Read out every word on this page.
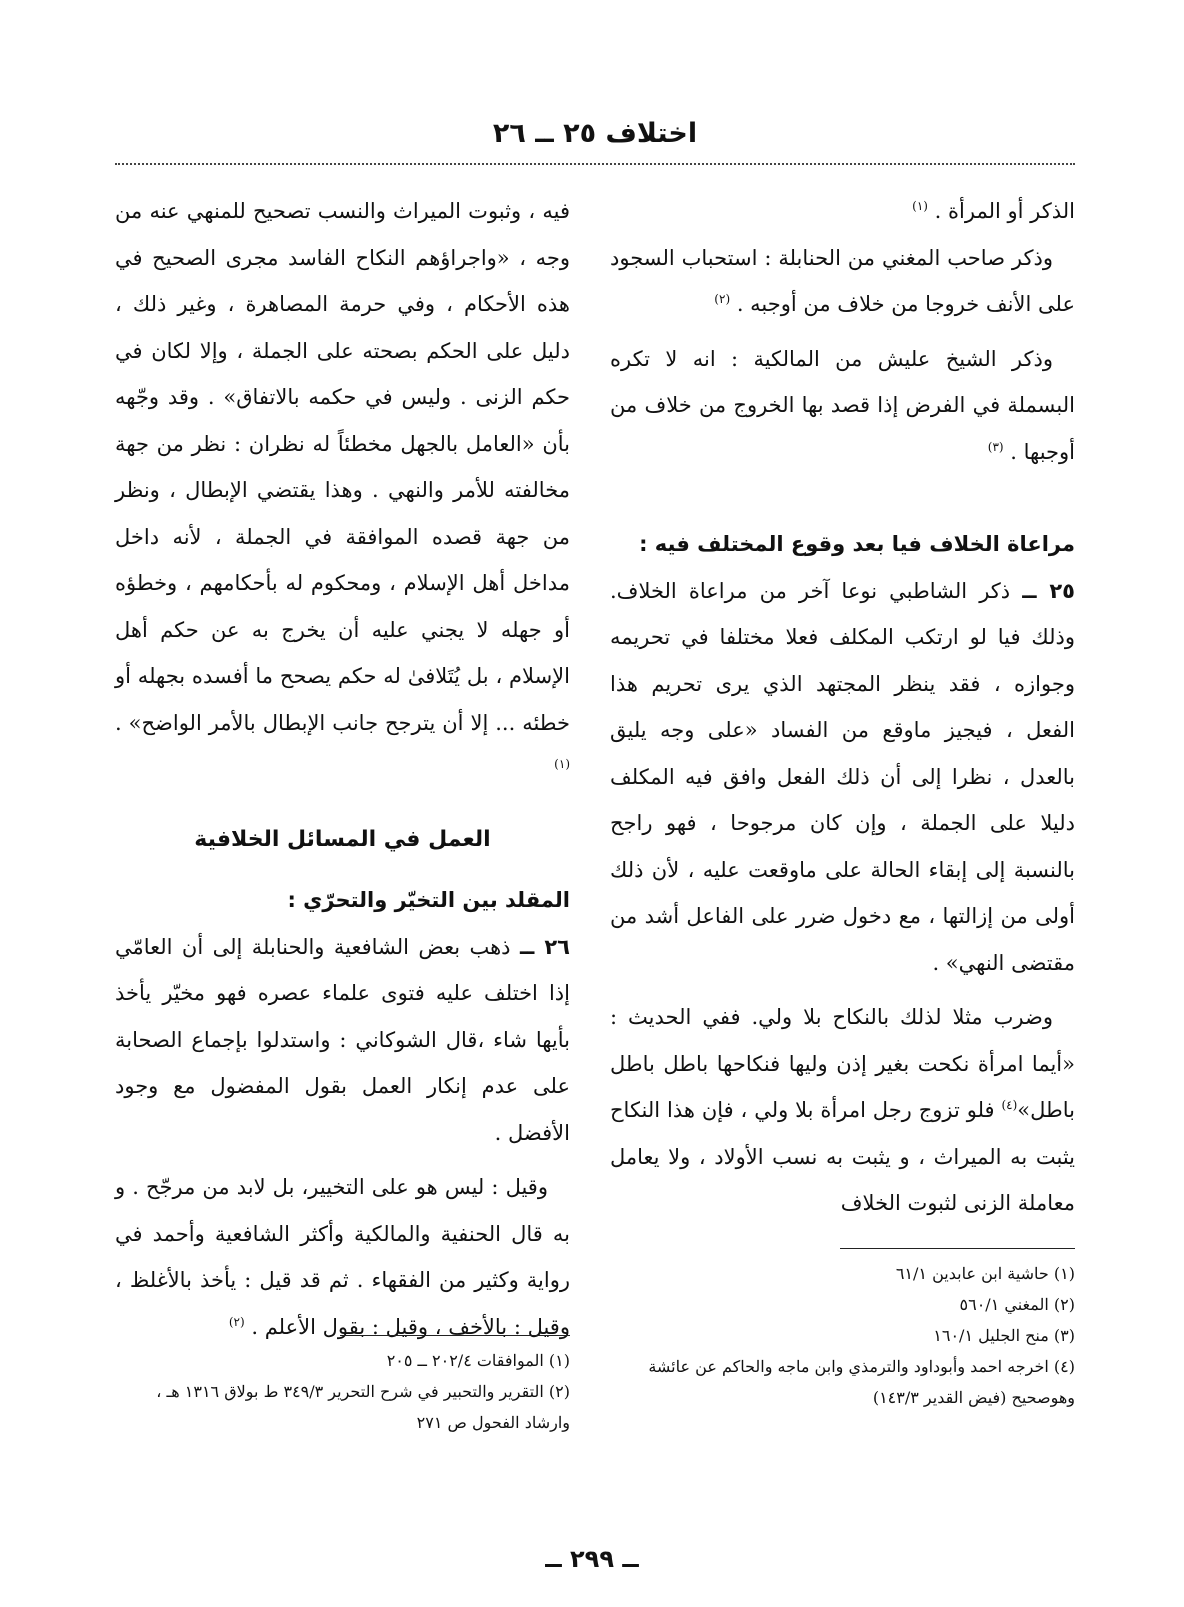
اختلاف ٢٥ ــ ٢٦

الذكر أو المرأة . $^{(١)}$

وذكر صاحب المغني من الحنابلة : استحباب السجود على الأنف خروجا من خلاف من أوجبه . $^{(٢)}$

وذكر الشيخ عليش من المالكية : انه لا تكره البسملة في الفرض إذا قصد بها الخروج من خلاف من أوجبها . $^{(٣)}$

مراعاة الخلاف فيا بعد وقوع المختلف فيه :

٢٥ ــ ذكر الشاطبي نوعا آخر من مراعاة الخلاف. وذلك فيا لو ارتكب المكلف فعلا مختلفا في تحريمه وجوازه ، فقد ينظر المجتهد الذي يرى تحريم هذا الفعل ، فيجيز ماوقع من الفساد «على وجه يليق بالعدل ، نظرا إلى أن ذلك الفعل وافق فيه المكلف دليلا على الجملة ، وإن كان مرجوحا ، فهو راجح بالنسبة إلى إبقاء الحالة على ماوقعت عليه ، لأن ذلك أولى من إزالتها ، مع دخول ضرر على الفاعل أشد من مقتضى النهي» .

وضرب مثلا لذلك بالنكاح بلا ولي. ففي الحديث : «أيما امرأة نكحت بغير إذن وليها فنكاحها باطل باطل باطل»$^{(٤)}$ فلو تزوج رجل امرأة بلا ولي ، فإن هذا النكاح يثبت به الميراث ، و يثبت به نسب الأولاد ، ولا يعامل معاملة الزنى لثبوت الخلاف

فيه ، وثبوت الميراث والنسب تصحيح للمنهي عنه من وجه ، «واجراؤهم النكاح الفاسد مجرى الصحيح في هذه الأحكام ، وفي حرمة المصاهرة ، وغير ذلك ، دليل على الحكم بصحته على الجملة ، وإلا لكان في حكم الزنى . وليس في حكمه بالاتفاق» . وقد وجّهه بأن «العامل بالجهل مخطئاً له نظران : نظر من جهة مخالفته للأمر والنهي . وهذا يقتضي الإبطال ، ونظر من جهة قصده الموافقة في الجملة ، لأنه داخل مداخل أهل الإسلام ، ومحكوم له بأحكامهم ، وخطؤه أو جهله لا يجني عليه أن يخرج به عن حكم أهل الإسلام ، بل يُتَلافىٰ له حكم يصحح ما أفسده بجهله أو خطئه ... إلا أن يترجح جانب الإبطال بالأمر الواضح» . $^{(١)}$

العمل في المسائل الخلافية

المقلد بين التخيّر والتحرّي :

٢٦ ــ ذهب بعض الشافعية والحنابلة إلى أن العامّي إذا اختلف عليه فتوى علماء عصره فهو مخيّر يأخذ بأيها شاء ،قال الشوكاني : واستدلوا بإجماع الصحابة على عدم إنكار العمل بقول المفضول مع وجود الأفضل .

وقيل : ليس هو على التخيير، بل لابد من مرجّح . و به قال الحنفية والمالكية وأكثر الشافعية وأحمد في رواية وكثير من الفقهاء . ثم قد قيل : يأخذ بالأغلظ ، وقيل : بالأخف ، وقيل : بقول الأعلم . $^{(٢)}$

(١) حاشية ابن عابدين ٦١/١
(٢) المغني ٥٦٠/١
(٣) منح الجليل ١٦٠/١
(٤) اخرجه احمد وأبوداود والترمذي وابن ماجه والحاكم عن عائشة وهوصحيح (فيض القدير ١٤٣/٣)
(١) الموافقات ٢٠٢/٤ ــ ٢٠٥
(٢) التقرير والتحبير في شرح التحرير ٣٤٩/٣ ط بولاق ١٣١٦ هـ ، وارشاد الفحول ص ٢٧١
ــ ٢٩٩ ــ
